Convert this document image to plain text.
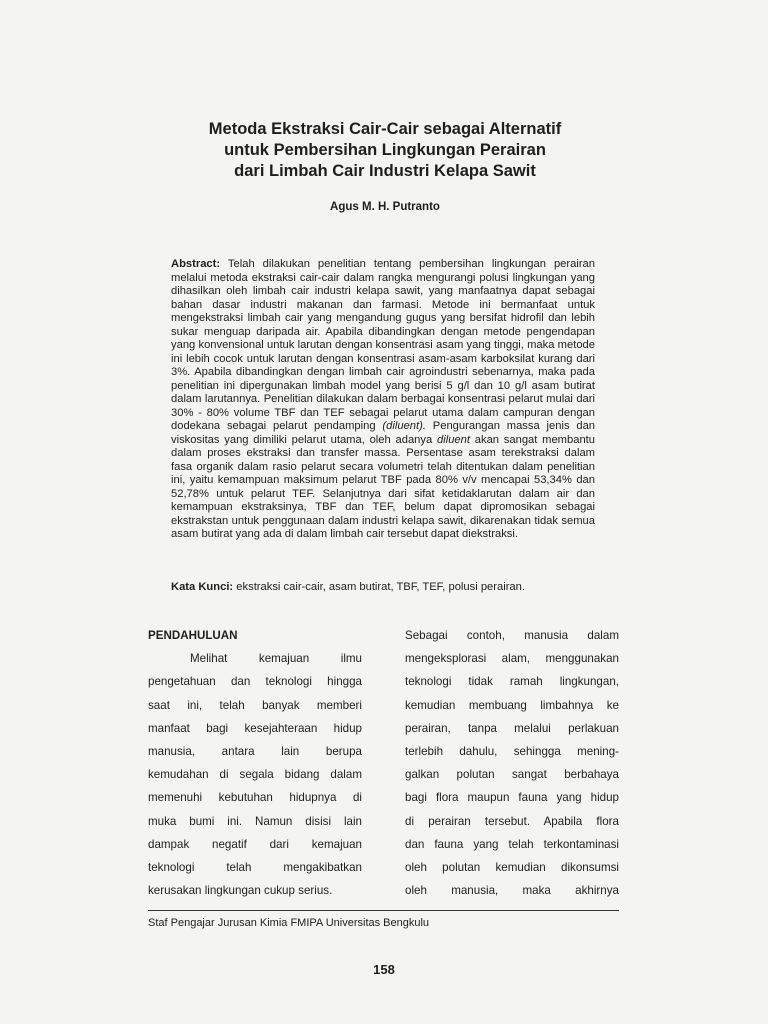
Metoda Ekstraksi Cair-Cair sebagai Alternatif
untuk Pembersihan Lingkungan Perairan
dari Limbah Cair Industri Kelapa Sawit
Agus M. H. Putranto
Abstract: Telah dilakukan penelitian tentang pembersihan lingkungan perairan melalui metoda ekstraksi cair-cair dalam rangka mengurangi polusi lingkungan yang dihasilkan oleh limbah cair industri kelapa sawit, yang manfaatnya dapat sebagai bahan dasar industri makanan dan farmasi. Metode ini bermanfaat untuk mengekstraksi limbah cair yang mengandung gugus yang bersifat hidrofil dan lebih sukar menguap daripada air. Apabila dibandingkan dengan metode pengendapan yang konvensional untuk larutan dengan konsentrasi asam yang tinggi, maka metode ini lebih cocok untuk larutan dengan konsentrasi asam-asam karboksilat kurang dari 3%. Apabila dibandingkan dengan limbah cair agroindustri sebenarnya, maka pada penelitian ini dipergunakan limbah model yang berisi 5 g/l dan 10 g/l asam butirat dalam larutannya. Penelitian dilakukan dalam berbagai konsentrasi pelarut mulai dari 30% - 80% volume TBF dan TEF sebagai pelarut utama dalam campuran dengan dodekana sebagai pelarut pendamping (diluent). Pengurangan massa jenis dan viskositas yang dimiliki pelarut utama, oleh adanya diluent akan sangat membantu dalam proses ekstraksi dan transfer massa. Persentase asam terekstraksi dalam fasa organik dalam rasio pelarut secara volumetri telah ditentukan dalam penelitian ini, yaitu kemampuan maksimum pelarut TBF pada 80% v/v mencapai 53,34% dan 52,78% untuk pelarut TEF. Selanjutnya dari sifat ketidaklarutan dalam air dan kemampuan ekstraksinya, TBF dan TEF, belum dapat dipromosikan sebagai ekstrakstan untuk penggunaan dalam industri kelapa sawit, dikarenakan tidak semua asam butirat yang ada di dalam limbah cair tersebut dapat diekstraksi.
Kata Kunci: ekstraksi cair-cair, asam butirat, TBF, TEF, polusi perairan.
PENDAHULUAN
Melihat kemajuan ilmu
pengetahuan dan teknologi hingga
saat ini, telah banyak memberi
manfaat bagi kesejahteraan hidup
manusia, antara lain berupa
kemudahan di segala bidang dalam
memenuhi kebutuhan hidupnya di
muka bumi ini. Namun disisi lain
dampak negatif dari kemajuan
teknologi telah mengakibatkan
kerusakan lingkungan cukup serius.
Sebagai contoh, manusia dalam
mengeksplorasi alam, menggunakan
teknologi tidak ramah lingkungan,
kemudian membuang limbahnya ke
perairan, tanpa melalui perlakuan
terlebih dahulu, sehingga mening-
galkan polutan sangat berbahaya
bagi flora maupun fauna yang hidup
di perairan tersebut. Apabila flora
dan fauna yang telah terkontaminasi
oleh polutan kemudian dikonsumsi
oleh manusia, maka akhirnya
Staf Pengajar Jurusan Kimia FMIPA Universitas Bengkulu
158
